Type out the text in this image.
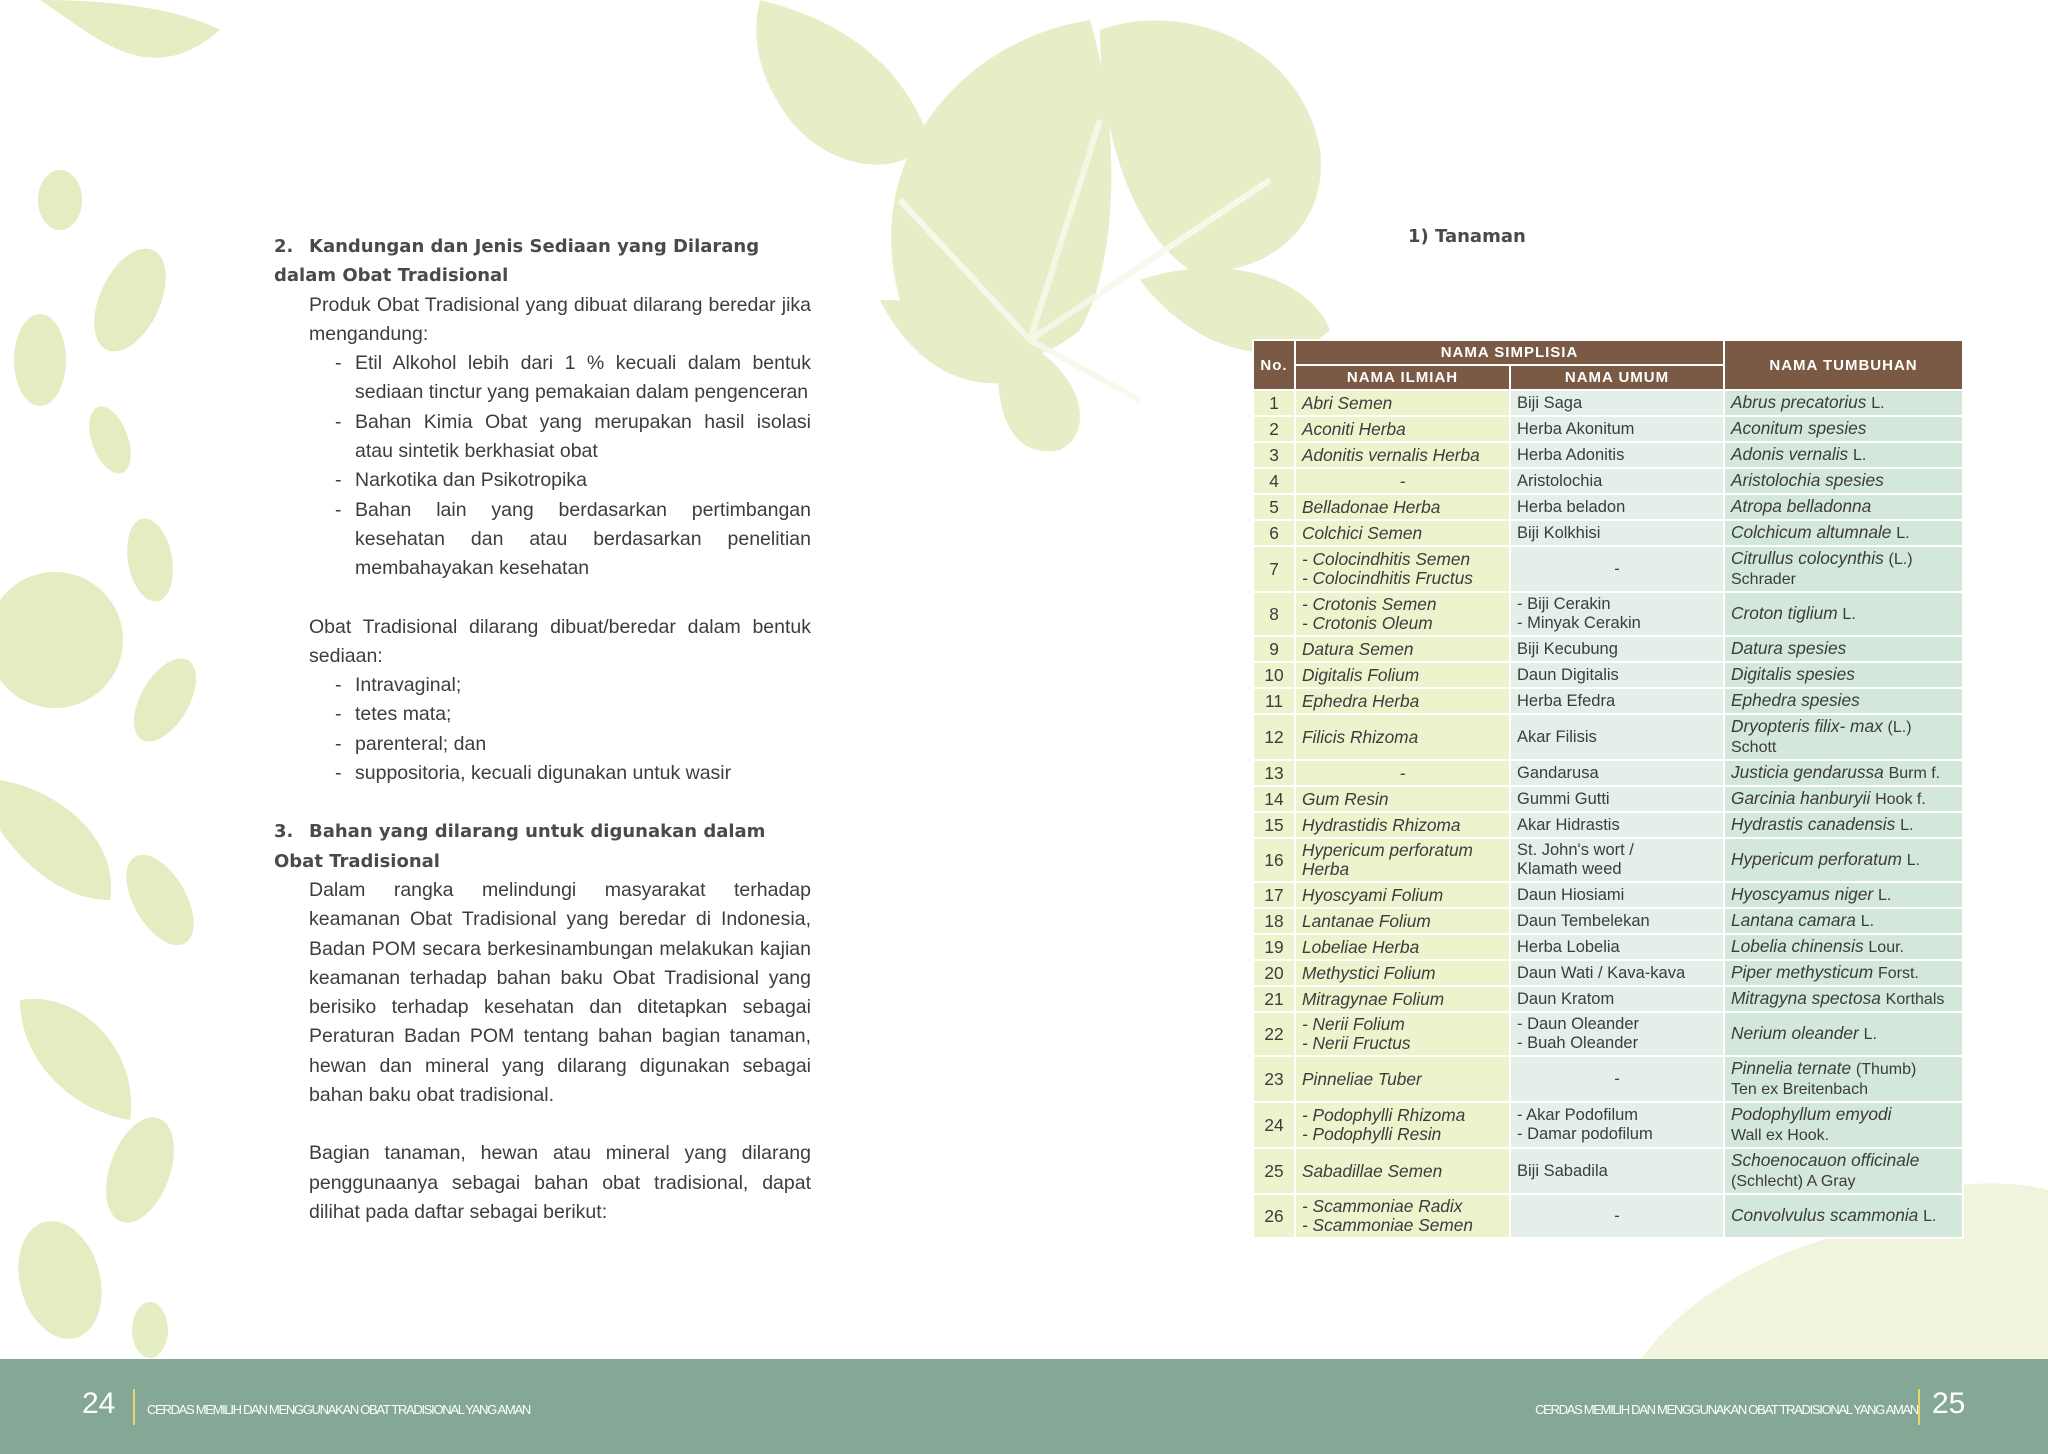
2. Kandungan dan Jenis Sediaan yang Dilarang dalam Obat Tradisional
Produk Obat Tradisional yang dibuat dilarang beredar jika mengandung:
- Etil Alkohol lebih dari 1 % kecuali dalam bentuk sediaan tinctur yang pemakaian dalam pengenceran
- Bahan Kimia Obat yang merupakan hasil isolasi atau sintetik berkhasiat obat
- Narkotika dan Psikotropika
- Bahan lain yang berdasarkan pertimbangan kesehatan dan atau berdasarkan penelitian membahayakan kesehatan
Obat Tradisional dilarang dibuat/beredar dalam bentuk sediaan:
- Intravaginal;
- tetes mata;
- parenteral; dan
- suppositoria, kecuali digunakan untuk wasir
3. Bahan yang dilarang untuk digunakan dalam Obat Tradisional
Dalam rangka melindungi masyarakat terhadap keamanan Obat Tradisional yang beredar di Indonesia, Badan POM secara berkesinambungan melakukan kajian keamanan terhadap bahan baku Obat Tradisional yang berisiko terhadap kesehatan dan ditetapkan sebagai Peraturan Badan POM tentang bahan bagian tanaman, hewan dan mineral yang dilarang digunakan sebagai bahan baku obat tradisional.
Bagian tanaman, hewan atau mineral yang dilarang penggunaanya sebagai bahan obat tradisional, dapat dilihat pada daftar sebagai berikut:
1) Tanaman
No.	NAMA SIMPLISIA		NAMA TUMBUHAN
	NAMA ILMIAH	NAMA UMUM	
1	Abri Semen	Biji Saga	Abrus precatorius L.
2	Aconiti Herba	Herba Akonitum	Aconitum spesies
3	Adonitis vernalis Herba	Herba Adonitis	Adonis vernalis L.
4	-	Aristolochia	Aristolochia spesies
5	Belladonae Herba	Herba beladon	Atropa belladonna
6	Colchici Semen	Biji Kolkhisi	Colchicum altumnale L.
7	- Colocindhitis Semen
- Colocindhitis Fructus	-	Citrullus colocynthis (L.) Schrader
8	- Crotonis Semen
- Crotonis Oleum	- Biji Cerakin
- Minyak Cerakin	Croton tiglium L.
9	Datura Semen	Biji Kecubung	Datura spesies
10	Digitalis Folium	Daun Digitalis	Digitalis spesies
11	Ephedra Herba	Herba Efedra	Ephedra spesies
12	Filicis Rhizoma	Akar Filisis	Dryopteris filix- max (L.) Schott
13	-	Gandarusa	Justicia gendarussa Burm f.
14	Gum Resin	Gummi Gutti	Garcinia hanburyii Hook f.
15	Hydrastidis Rhizoma	Akar Hidrastis	Hydrastis canadensis L.
16	Hypericum perforatum Herba	St. John's wort /
Klamath weed	Hypericum perforatum L.
17	Hyoscyami Folium	Daun Hiosiami	Hyoscyamus niger L.
18	Lantanae Folium	Daun Tembelekan	Lantana camara L.
19	Lobeliae Herba	Herba Lobelia	Lobelia chinensis Lour.
20	Methystici Folium	Daun Wati / Kava-kava	Piper methysticum Forst.
21	Mitragynae Folium	Daun Kratom	Mitragyna spectosa Korthals
22	- Nerii Folium
- Nerii Fructus	- Daun Oleander
- Buah Oleander	Nerium oleander L.
23	Pinneliae Tuber	-	Pinnelia ternate (Thumb)
Ten ex Breitenbach
24	- Podophylli Rhizoma
- Podophylli Resin	- Akar Podofilum
- Damar podofilum	Podophyllum emyodi
Wall ex Hook.
25	Sabadillae Semen	Biji Sabadila	Schoenocauon officinale
(Schlecht) A Gray
26	- Scammoniae Radix
- Scammoniae Semen	-	Convolvulus scammonia L.
24 CERDAS MEMILIH DAN MENGGUNAKAN OBAT TRADISIONAL YANG AMAN	CERDAS MEMILIH DAN MENGGUNAKAN OBAT TRADISIONAL YANG AMAN 25
